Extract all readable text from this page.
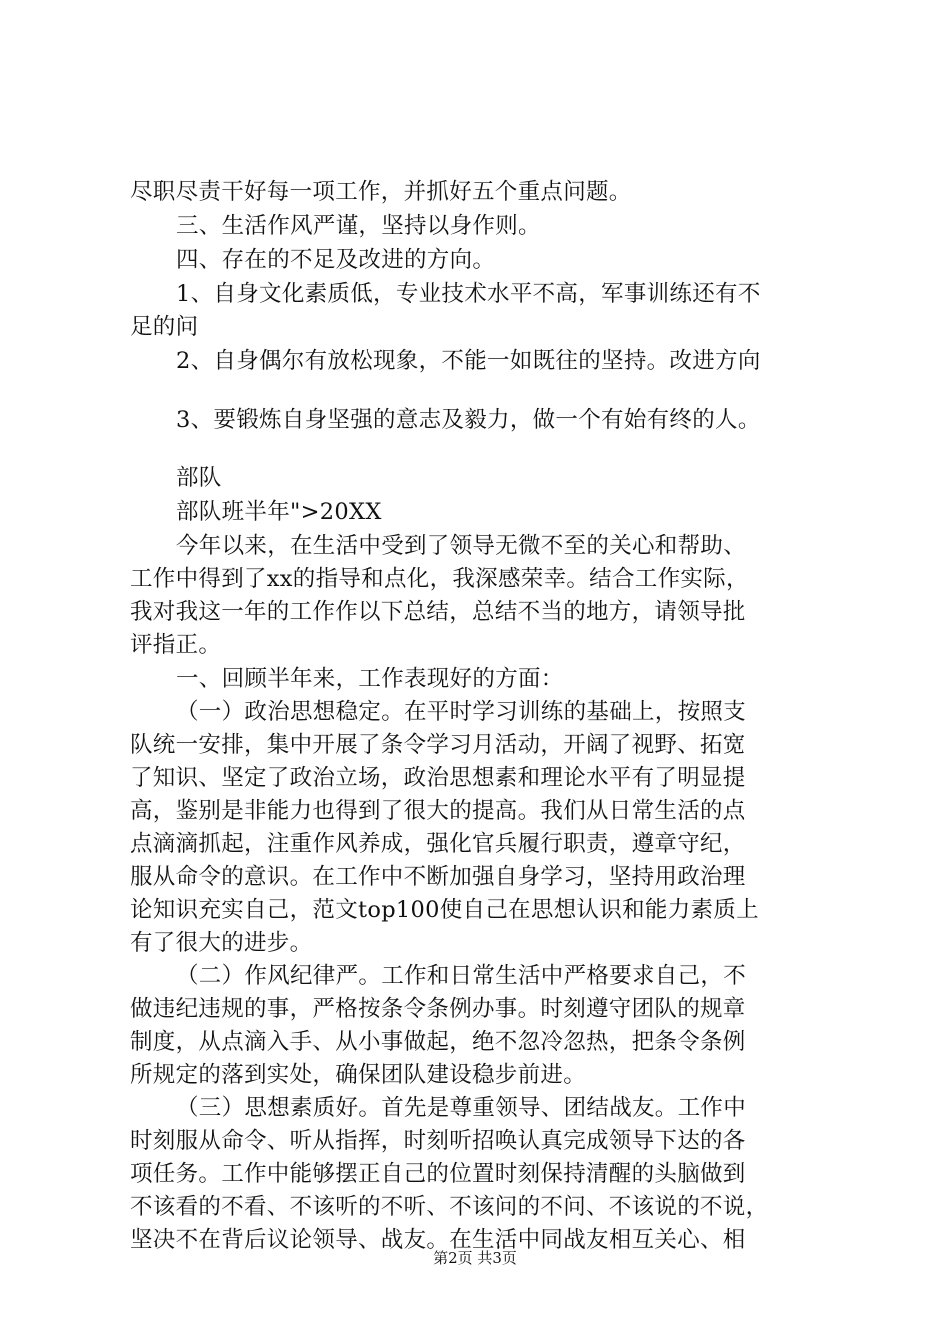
尽职尽责干好每一项工作，并抓好五个重点问题。
三、生活作风严谨，坚持以身作则。
四、存在的不足及改进的方向。
1、自身文化素质低，专业技术水平不高，军事训练还有不
足的问
2、自身偶尔有放松现象，不能一如既往的坚持。改进方向
3、要锻炼自身坚强的意志及毅力，做一个有始有终的人。
部队
部队班半年">20XX
今年以来，在生活中受到了领导无微不至的关心和帮助、
工作中得到了xx的指导和点化，我深感荣幸。结合工作实际，
我对我这一年的工作作以下总结，总结不当的地方，请领导批
评指正。
一、回顾半年来，工作表现好的方面：
（一）政治思想稳定。在平时学习训练的基础上，按照支
队统一安排，集中开展了条令学习月活动，开阔了视野、拓宽
了知识、坚定了政治立场，政治思想素和理论水平有了明显提
高，鉴别是非能力也得到了很大的提高。我们从日常生活的点
点滴滴抓起，注重作风养成，强化官兵履行职责，遵章守纪，
服从命令的意识。在工作中不断加强自身学习，坚持用政治理
论知识充实自己，范文top100使自己在思想认识和能力素质上
有了很大的进步。
（二）作风纪律严。工作和日常生活中严格要求自己，不
做违纪违规的事，严格按条令条例办事。时刻遵守团队的规章
制度，从点滴入手、从小事做起，绝不忽冷忽热，把条令条例
所规定的落到实处，确保团队建设稳步前进。
（三）思想素质好。首先是尊重领导、团结战友。工作中
时刻服从命令、听从指挥，时刻听招唤认真完成领导下达的各
项任务。工作中能够摆正自己的位置时刻保持清醒的头脑做到
不该看的不看、不该听的不听、不该问的不问、不该说的不说，
坚决不在背后议论领导、战友。在生活中同战友相互关心、相
第2页 共3页
